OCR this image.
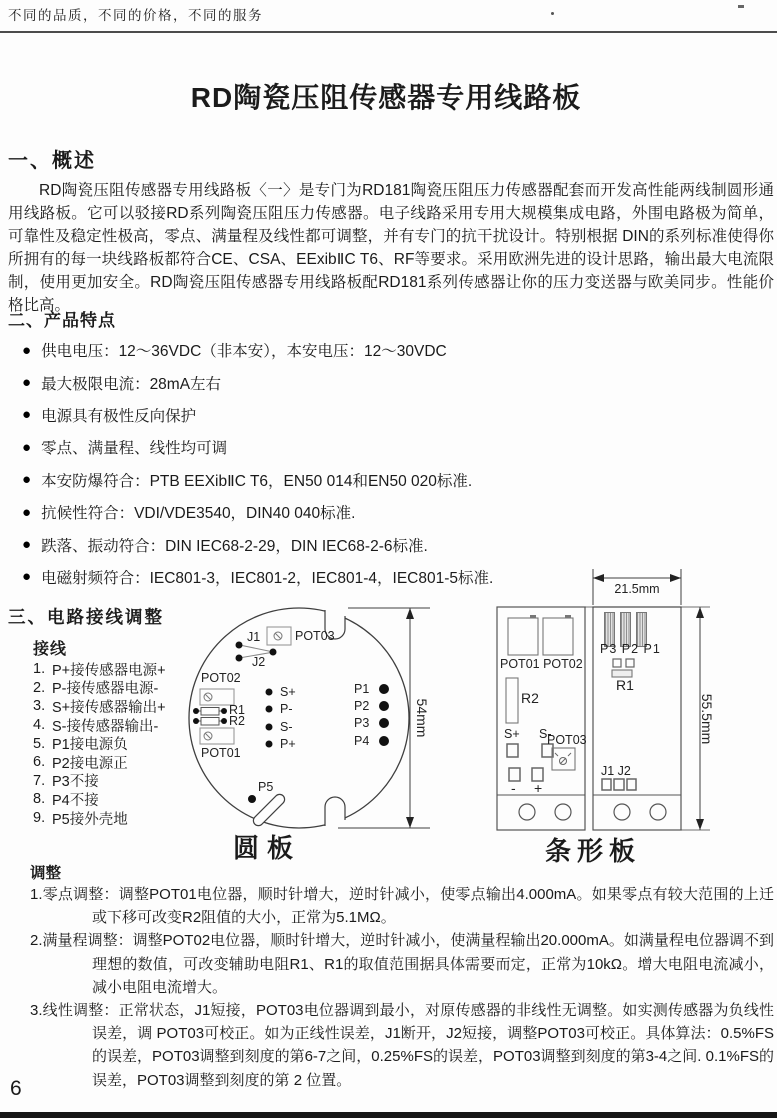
不同的品质，不同的价格，不同的服务
RD陶瓷压阻传感器专用线路板
一、概述
RD陶瓷压阻传感器专用线路板〈一〉是专门为RD181陶瓷压阻压力传感器配套而开发高性能两线制圆形通用线路板。它可以驳接RD系列陶瓷压阻压力传感器。电子线路采用专用大规模集成电路，外围电路极为简单，可靠性及稳定性极高，零点、满量程及线性都可调整，并有专门的抗干扰设计。特别根据 DIN的系列标准使得你所拥有的每一块线路板都符合CE、CSA、EExibⅡC T6、RF等要求。采用欧洲先进的设计思路，输出最大电流限制，使用更加安全。RD陶瓷压阻传感器专用线路板配RD181系列传感器让你的压力变送器与欧美同步。性能价格比高。
二、产品特点
● 供电电压：12～36VDC（非本安），本安电压：12～30VDC
● 最大极限电流：28mA左右
● 电源具有极性反向保护
● 零点、满量程、线性均可调
● 本安防爆符合：PTB EEXibⅡC T6，EN50 014和EN50 020标准.
● 抗候性符合：VDI/VDE3540，DIN40 040标准.
● 跌落、振动符合：DIN IEC68-2-29，DIN IEC68-2-6标准.
● 电磁射频符合：IEC801-3，IEC801-2，IEC801-4，IEC801-5标准.
三、电路接线调整
接线
1. P+接传感器电源+
2. P-接传感器电源-
3. S+接传感器输出+
4. S-接传感器输出-
5. P1接电源负
6. P2接电源正
7. P3不接
8. P4不接
9. P5接外壳地
J1
J2
POT03
POT02
R1
R2
POT01
S+
P-
S-
P+
P1
P2
P3
P4
P5
54mm
圆板
21.5mm
POT01 POT02
R2
S+ S-
POT03
- +
P3 P2 P1
R1
J1 J2
55.5mm
条形板
调整

1.零点调整：调整POT01电位器，顺时针增大，逆时针减小，使零点输出4.000mA。如果零点有较大范围的上迁或下移可改变R2阻值的大小，正常为5.1MΩ。

2.满量程调整：调整POT02电位器，顺时针增大，逆时针减小，使满量程输出20.000mA。如满量程电位器调不到理想的数值，可改变辅助电阻R1、R1的取值范围据具体需要而定，正常为10kΩ。增大电阻电流减小，减小电阻电流增大。

3.线性调整：正常状态，J1短接，POT03电位器调到最小，对原传感器的非线性无调整。如实测传感器为负线性误差，调 POT03可校正。如为正线性误差，J1断开，J2短接，调整POT03可校正。具体算法：0.5%FS的误差，POT03调整到刻度的第6-7之间，0.25%FS的误差，POT03调整到刻度的第3-4之间. 0.1%FS的误差，POT03调整到刻度的第 2 位置。

6
